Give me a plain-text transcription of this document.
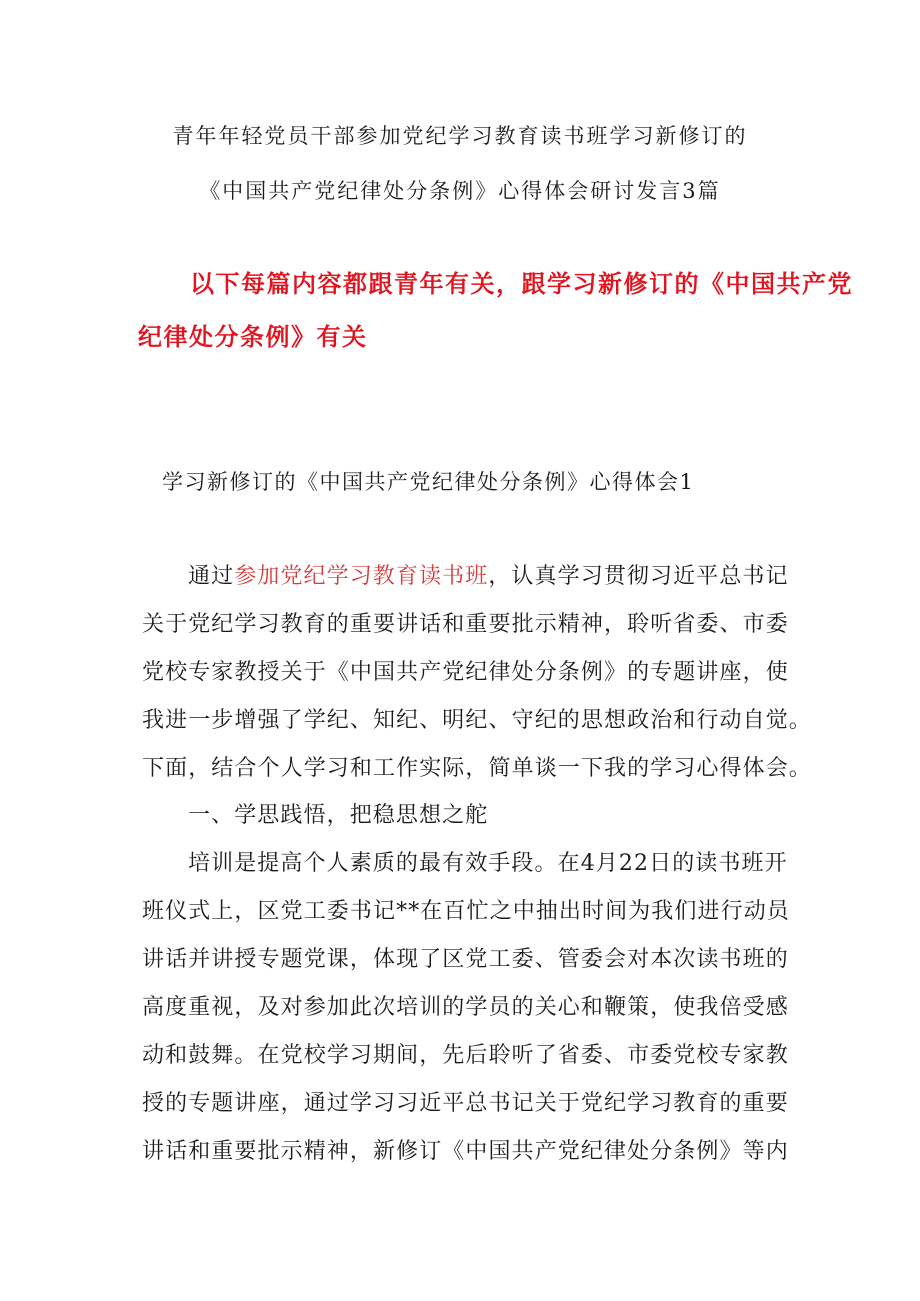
青年年轻党员干部参加党纪学习教育读书班学习新修订的
《中国共产党纪律处分条例》心得体会研讨发言3篇
以下每篇内容都跟青年有关，跟学习新修订的《中国共产党
纪律处分条例》有关
学习新修订的《中国共产党纪律处分条例》心得体会1
通过参加党纪学习教育读书班，认真学习贯彻习近平总书记
关于党纪学习教育的重要讲话和重要批示精神，聆听省委、市委
党校专家教授关于《中国共产党纪律处分条例》的专题讲座，使
我进一步增强了学纪、知纪、明纪、守纪的思想政治和行动自觉。
下面，结合个人学习和工作实际，简单谈一下我的学习心得体会。
一、学思践悟，把稳思想之舵
培训是提高个人素质的最有效手段。在4月22日的读书班开
班仪式上，区党工委书记**在百忙之中抽出时间为我们进行动员
讲话并讲授专题党课，体现了区党工委、管委会对本次读书班的
高度重视，及对参加此次培训的学员的关心和鞭策，使我倍受感
动和鼓舞。在党校学习期间，先后聆听了省委、市委党校专家教
授的专题讲座，通过学习习近平总书记关于党纪学习教育的重要
讲话和重要批示精神，新修订《中国共产党纪律处分条例》等内
